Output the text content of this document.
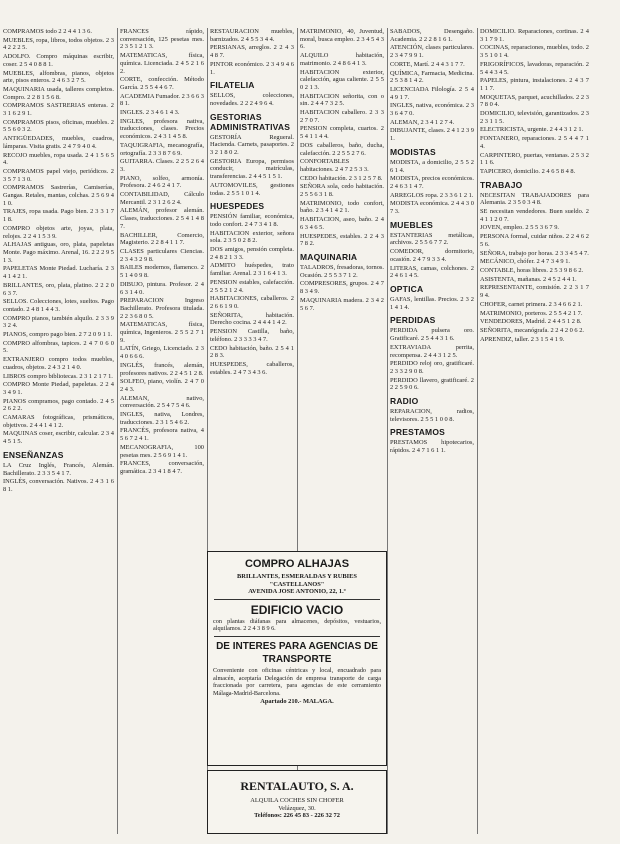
COMPRAMOS todo 2 2 4 4 1 3 6.

MUEBLES, ropa, libros, todos objetos. 2 3 4 2 2 2 5.

ADOLFO. Compro máquinas escribir, coser. 2 5 4 0 8 8 1.

MUEBLES, alfombras, pianos, objetos arte, pisos enteros. 2 4 6 3 2 7 5.

MAQUINARIA usada, talleres completos. Compro. 2 2 8 1 5 6 8.

COMPRAMOS SASTRERIAS enteras. 2 3 1 6 2 9 1.

COMPRAMOS pisos, oficinas, muebles. 2 5 5 6 0 3 2.

ANTIGÜEDADES, muebles, cuadros, lámparas. Visita gratis. 2 4 7 9 4 0 4.

RECOJO muebles, ropa usada. 2 4 1 5 6 5 4.

COMPRAMOS papel viejo, periódicos. 2 3 5 7 1 3 0.

COMPRAMOS Sastrerías, Camiserías, Gangas. Retales, mantas, colchas. 2 5 6 9 4 1 0.

TRAJES, ropa usada. Pago bien. 2 3 3 1 7 1 8.

COMPRO objetos arte, joyas, plata, relojes. 2 2 4 1 5 3 9.

ALHAJAS antiguas, oro, plata, papeletas Monte. Pago máximo. Arenal, 16. 2 2 2 9 5 1 3.

PAPELETAS Monte Piedad. Lucharía. 2 3 4 1 4 2 1.

BRILLANTES, oro, plata, platino. 2 2 2 0 6 3 7.

SELLOS. Colecciones, lotes, sueltos. Pago contado. 2 4 8 1 4 4 3.

COMPRO pianos, también alquilo. 2 3 3 9 3 2 4.

PIANOS, compro pago bien. 2 7 2 0 9 1 1.

COMPRO alfombras, tapices. 2 4 7 0 6 0 5.

EXTRANJERO compro todos muebles, cuadros, objetos. 2 4 3 2 1 4 0.

LIBROS compro bibliotecas. 2 3 1 2 1 7 1.

COMPRO Monte Piedad, papeletas. 2 2 4 3 4 9 1.

PIANOS compramos, pago contado. 2 4 5 2 6 2 2.

CAMARAS fotográficas, prismáticos, objetivos. 2 4 4 1 4 1 2.

MAQUINAS coser, escribir, calcular. 2 3 4 4 5 1 5.

ENSEÑANZAS

LA Cruz Inglés, Francés, Alemán. Bachillerato. 2 3 3 5 4 1 7.

INGLÉS, conversación. Nativos. 2 4 3 1 6 8 1.

FRANCES rápido, conversación, 125 pesetas mes. 2 3 5 1 2 1 3.

MATEMATICAS, física, química. Licenciada. 2 4 5 2 1 6 2.

CORTE, confección. Método García. 2 5 5 4 4 6 7.

ACADEMIA Fumador. 2 3 6 6 3 8 1.

INGLES. 2 3 4 6 1 4 3.

INGLES, profesora nativa, traducciones, clases. Precios económicos. 2 4 3 1 4 5 8.

TAQUIGRAFIA, mecanografía, ortografía. 2 3 3 8 7 6 9.

GUITARRA. Clases. 2 2 5 2 6 4 3.

PIANO, solfeo, armonía. Profesora. 2 4 6 2 4 1 7.

CONTABILIDAD, Cálculo Mercantil. 2 3 1 2 6 2 4.

ALEMÁN, profesor alemán. Clases, traducciones. 2 5 4 1 4 8 7.

BACHILLER, Comercio, Magisterio. 2 2 8 4 1 1 7.

CLASES particulares Ciencias. 2 3 4 3 2 9 8.

BAILES modernos, flamenco. 2 5 1 4 0 9 8.

DIBUJO, pintura. Profesor. 2 4 6 3 1 4 0.

PREPARACION Ingreso Bachillerato. Profesora titulada. 2 2 3 6 8 0 5.

MATEMATICAS, física, química, Ingenieros. 2 5 5 2 7 1 9.

LATÍN, Griego, Licenciado. 2 3 4 0 6 6 6.

INGLÉS, francés, alemán, profesores nativos. 2 2 4 5 1 2 8.

SOLFEO, piano, violín. 2 4 7 0 2 4 3.

ALEMAN, nativo, conversación. 2 5 4 7 5 4 6.

INGLES, nativa, Londres, traducciones. 2 3 1 5 4 6 2.

FRANCÉS, profesora nativa, 4 5 6 7 2 4 1.

MECANOGRAFIA, 100 pesetas mes. 2 5 6 9 1 4 1.

FRANCES, conversación, gramática. 2 3 4 1 8 4 7.

RESTAURACION muebles, barnizados. 2 4 5 5 3 4 4.

PERSIANAS, arreglos. 2 2 4 3 4 8 7.

PINTOR económico. 2 3 4 9 4 6 1.

FILATELIA

SELLOS, colecciones, novedades. 2 2 2 4 9 6 4.

GESTORIAS ADMINISTRATIVAS

GESTORÍA Regueral. Hacienda. Carnets, pasaportes. 2 3 2 1 8 0 2.

GESTORIA Europa, permisos conducir, matrículas, transferencias. 2 4 4 5 1 5 1.

AUTOMOVILES, gestiones todas. 2 5 5 1 0 1 4.

HUESPEDES

PENSIÓN familiar, económica, todo confort. 2 4 7 3 4 1 8.

HABITACION exterior, señora sola. 2 3 5 0 2 8 2.

DOS amigos, pensión completa. 2 4 8 2 1 3 3.

ADMITO huéspedes, trato familiar. Arenal. 2 3 1 6 4 1 3.

PENSION estables, calefacción. 2 5 5 2 1 2 4.

HABITACIONES, caballeros. 2 2 6 6 1 9 0.

SEÑORITA, habitación. Derecho cocina. 2 4 4 4 1 4 2.

PENSION Castilla, baño, teléfono. 2 3 3 3 3 4 7.

CEDO habitación, baño. 2 5 4 1 2 8 3.

HUESPEDES, caballeros, estables. 2 4 7 3 4 3 6.

MATRIMONIO, 40, Juventud, moral, busca empleo. 2 3 4 5 4 3 6.

ALQUILO habitación, matrimonio. 2 4 8 6 4 1 3.

HABITACION exterior, calefacción, agua caliente. 2 5 5 0 2 1 3.

HABITACION señorita, con o sin. 2 4 4 7 3 2 5.

HABITACION caballero. 2 3 3 2 7 0 7.

PENSION completa, cuartos. 2 5 4 1 1 4 4.

DOS caballeros, baño, ducha, calefacción. 2 2 5 5 2 7 6.

CONFORTABLES habitaciones. 2 4 7 2 5 3 3.

CEDO habitación. 2 3 1 2 5 7 8.

SEÑORA sola, cedo habitación. 2 5 5 6 3 1 8.

MATRIMONIO, todo confort, baño. 2 3 4 1 4 2 1.

HABITACION, aseo, baño. 2 4 6 3 4 6 5.

HUESPEDES, estables. 2 2 4 3 7 8 2.

MAQUINARIA

TALADROS, fresadoras, tornos. Ocasión. 2 5 5 3 7 1 2.

COMPRESORES, grupos. 2 4 7 8 3 4 9.

MAQUINARIA madera. 2 3 4 2 5 6 7.

SABADOS, Desengaño. Academia. 2 2 2 8 1 6 1.

ATENCIÓN, clases particulares. 2 3 4 7 9 9 1.

CORTE, Martí. 2 4 4 3 1 7 7.

QUÍMICA, Farmacia, Medicina. 2 5 3 8 1 4 2.

LICENCIADA Filología. 2 5 4 4 9 1 7.

INGLES, nativa, económica. 2 3 3 6 4 7 0.

ALEMAN, 2 3 4 1 2 7 4.

DIBUJANTE, clases. 2 4 1 2 3 9 1.

MODISTAS

MODISTA, a domicilio, 2 5 5 2 6 1 4.

MODISTA, precios económicos. 2 4 6 3 1 4 7.

ARREGLOS ropa. 2 3 3 6 1 2 1.

MODISTA económica. 2 4 4 3 0 7 3.

MUEBLES

ESTANTERIAS metálicas, archivos. 2 5 5 6 7 7 2.

COMEDOR, dormitorio, ocasión. 2 4 7 9 3 3 4.

LITERAS, camas, colchones. 2 2 4 6 1 4 5.

OPTICA

GAFAS, lentillas. Precios. 2 3 2 1 4 1 4.

PERDIDAS

PERDIDA pulsera oro. Gratificaré. 2 5 4 4 3 1 6.

EXTRAVIADA perrita, recompensa. 2 4 4 3 1 2 5.

PERDIDO reloj oro, gratificaré. 2 3 3 2 9 0 8.

PERDIDO llavero, gratificaré. 2 2 2 5 9 0 6.

RADIO

REPARACION, radios, televisores. 2 5 5 1 0 0 8.

PRESTAMOS

PRESTAMOS hipotecarios, rápidos. 2 4 7 1 6 1 1.

DOMICILIO. Reparaciones, cortinas. 2 4 3 1 7 9 1.

COCINAS, reparaciones, muebles, todo. 2 3 5 1 0 1 4.

FRIGORÍFICOS, lavadoras, reparación. 2 5 4 4 3 4 5.

PAPELES, pintura, instalaciones. 2 4 3 7 1 1 7.

MOQUETAS, parquet, acuchillados. 2 2 3 7 8 0 4.

DOMICILIO, televisión, garantizados. 2 3 2 3 1 1 5.

ELECTRICISTA, urgente. 2 4 4 3 1 2 1.

FONTANERO, reparaciones. 2 5 4 4 7 1 4.

CARPINTERO, puertas, ventanas. 2 5 3 2 1 1 6.

TAPICERO, domicilio. 2 4 6 5 8 4 8.

TRABAJO

NECESITAN TRABAJADORES para Alemania. 2 3 5 0 3 4 8.

SE necesitan vendedores. Buen sueldo. 2 4 1 1 2 0 7.

JOVEN, empleo. 2 5 5 3 6 7 9.

PERSONA formal, cuidar niños. 2 2 4 6 2 5 6.

SEÑORA, trabajo por horas. 2 3 3 4 5 4 7.

MECÁNICO, chófer. 2 4 7 3 4 9 1.

CONTABLE, horas libres. 2 5 3 9 8 6 2.

ASISTENTA, mañanas. 2 4 5 2 4 4 1.

REPRESENTANTE, comisión. 2 2 3 1 7 9 4.

CHOFER, carnet primera. 2 3 4 6 6 2 1.

MATRIMONIO, porteros. 2 5 5 4 2 1 7.

VENDEDORES, Madrid. 2 4 4 5 1 2 8.

SEÑORITA, mecanógrafa. 2 2 4 2 0 6 2.

APRENDIZ, taller. 2 3 1 5 4 1 9.

COMPRO ALHAJAS

BRILLANTES, ESMERALDAS Y RUBIES "CASTELLANOS"

AVENIDA JOSE ANTONIO, 22, 1.º

EDIFICIO VACIO

con plantas diáfanas para almacenes, depósitos, vestuarios, alquilamos. 2 2 4 3 8 9 6.

DE INTERES PARA AGENCIAS DE TRANSPORTE

Conveniente con oficinas céntricas y local, encuadrado para almacén, aceptaría Delegación de empresa transporte de carga fraccionada por carretera, para agencias de este cerramiento Málaga-Madrid-Barcelona.

Apartado 210.- MALAGA.

RENTALAUTO, S. A.

ALQUILA COCHES SIN CHOFER

Velázquez, 30.

Teléfonos: 226 45 83 - 226 32 72
